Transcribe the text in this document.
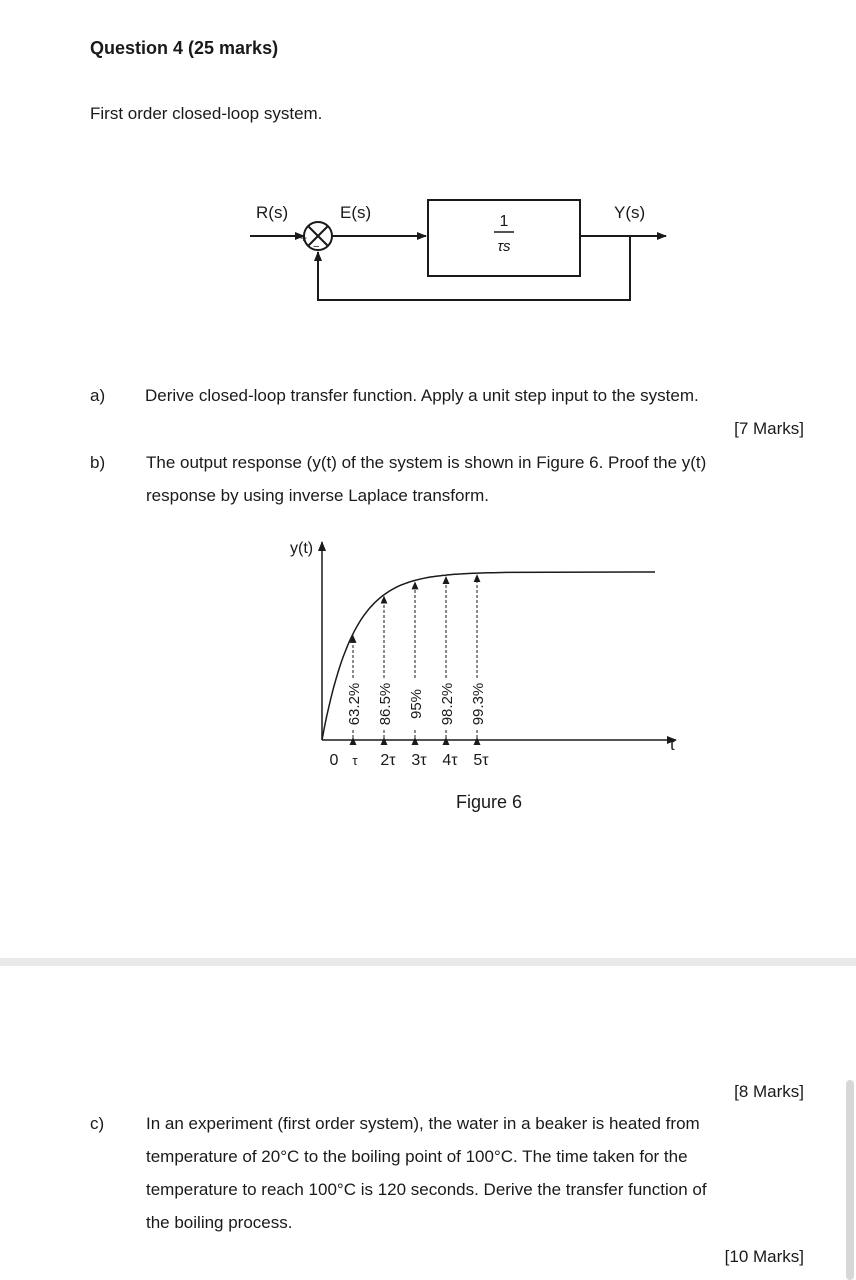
Question 4 (25 marks)
First order closed-loop system.
R(s)	E(s)	Y(s)
+
−
1
τs
a) Derive closed-loop transfer function. Apply a unit step input to the system.
[7 Marks]
b) The output response (y(t) of the system is shown in Figure 6. Proof the y(t)
response by using inverse Laplace transform.
y(t)
t
0
63.2%
τ
86.5%
2τ
95%
3τ
98.2%
4τ
99.3%
5τ
Figure 6
[8 Marks]
c) In an experiment (first order system), the water in a beaker is heated from
temperature of 20°C to the boiling point of 100°C. The time taken for the
temperature to reach 100°C is 120 seconds. Derive the transfer function of
the boiling process.
[10 Marks]
